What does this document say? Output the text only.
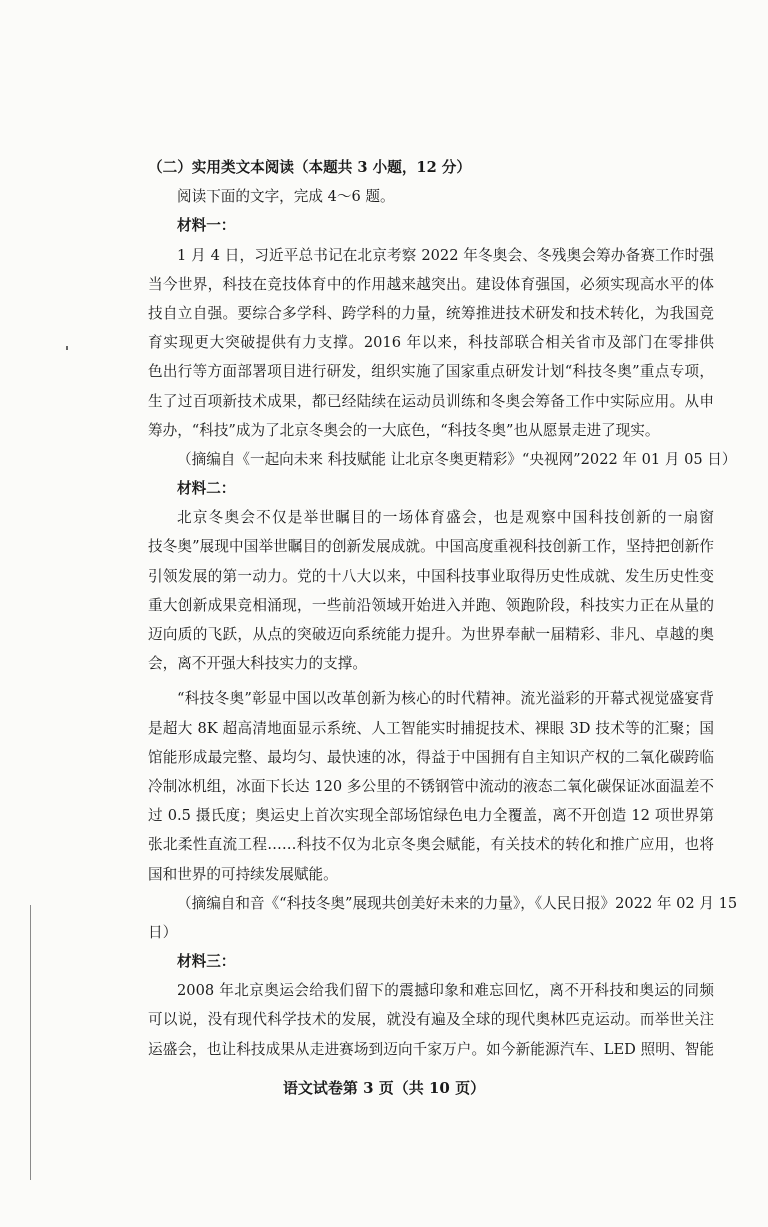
（二）实用类文本阅读（本题共 3 小题，12 分）
阅读下面的文字，完成 4～6 题。
材料一：
1 月 4 日，习近平总书记在北京考察 2022 年冬奥会、冬残奥会筹办备赛工作时强
当今世界，科技在竞技体育中的作用越来越突出。建设体育强国，必须实现高水平的体
技自立自强。要综合多学科、跨学科的力量，统筹推进技术研发和技术转化，为我国竞
育实现更大突破提供有力支撑。2016 年以来，科技部联合相关省市及部门在零排供
色出行等方面部署项目进行研发，组织实施了国家重点研发计划“科技冬奥”重点专项，
生了过百项新技术成果，都已经陆续在运动员训练和冬奥会筹备工作中实际应用。从申
筹办，“科技”成为了北京冬奥会的一大底色，“科技冬奥”也从愿景走进了现实。
（摘编自《一起向未来 科技赋能 让北京冬奥更精彩》“央视网”2022 年 01 月 05 日）
材料二：
北京冬奥会不仅是举世瞩目的一场体育盛会，也是观察中国科技创新的一扇窗
技冬奥”展现中国举世瞩目的创新发展成就。中国高度重视科技创新工作，坚持把创新作
引领发展的第一动力。党的十八大以来，中国科技事业取得历史性成就、发生历史性变
重大创新成果竞相涌现，一些前沿领域开始进入并跑、领跑阶段，科技实力正在从量的
迈向质的飞跃，从点的突破迈向系统能力提升。为世界奉献一届精彩、非凡、卓越的奥
会，离不开强大科技实力的支撑。
“科技冬奥”彰显中国以改革创新为核心的时代精神。流光溢彩的开幕式视觉盛宴背
是超大 8K 超高清地面显示系统、人工智能实时捕捉技术、裸眼 3D 技术等的汇聚；国
馆能形成最完整、最均匀、最快速的冰，得益于中国拥有自主知识产权的二氧化碳跨临
冷制冰机组，冰面下长达 120 多公里的不锈钢管中流动的液态二氧化碳保证冰面温差不
过 0.5 摄氏度；奥运史上首次实现全部场馆绿色电力全覆盖，离不开创造 12 项世界第
张北柔性直流工程……科技不仅为北京冬奥会赋能，有关技术的转化和推广应用，也将
国和世界的可持续发展赋能。
（摘编自和音《“科技冬奥”展现共创美好未来的力量》，《人民日报》2022 年 02 月 15
日）
材料三：
2008 年北京奥运会给我们留下的震撼印象和难忘回忆，离不开科技和奥运的同频
可以说，没有现代科学技术的发展，就没有遍及全球的现代奥林匹克运动。而举世关注
运盛会，也让科技成果从走进赛场到迈向千家万户。如今新能源汽车、LED 照明、智能
语文试卷第 3 页（共 10 页）
